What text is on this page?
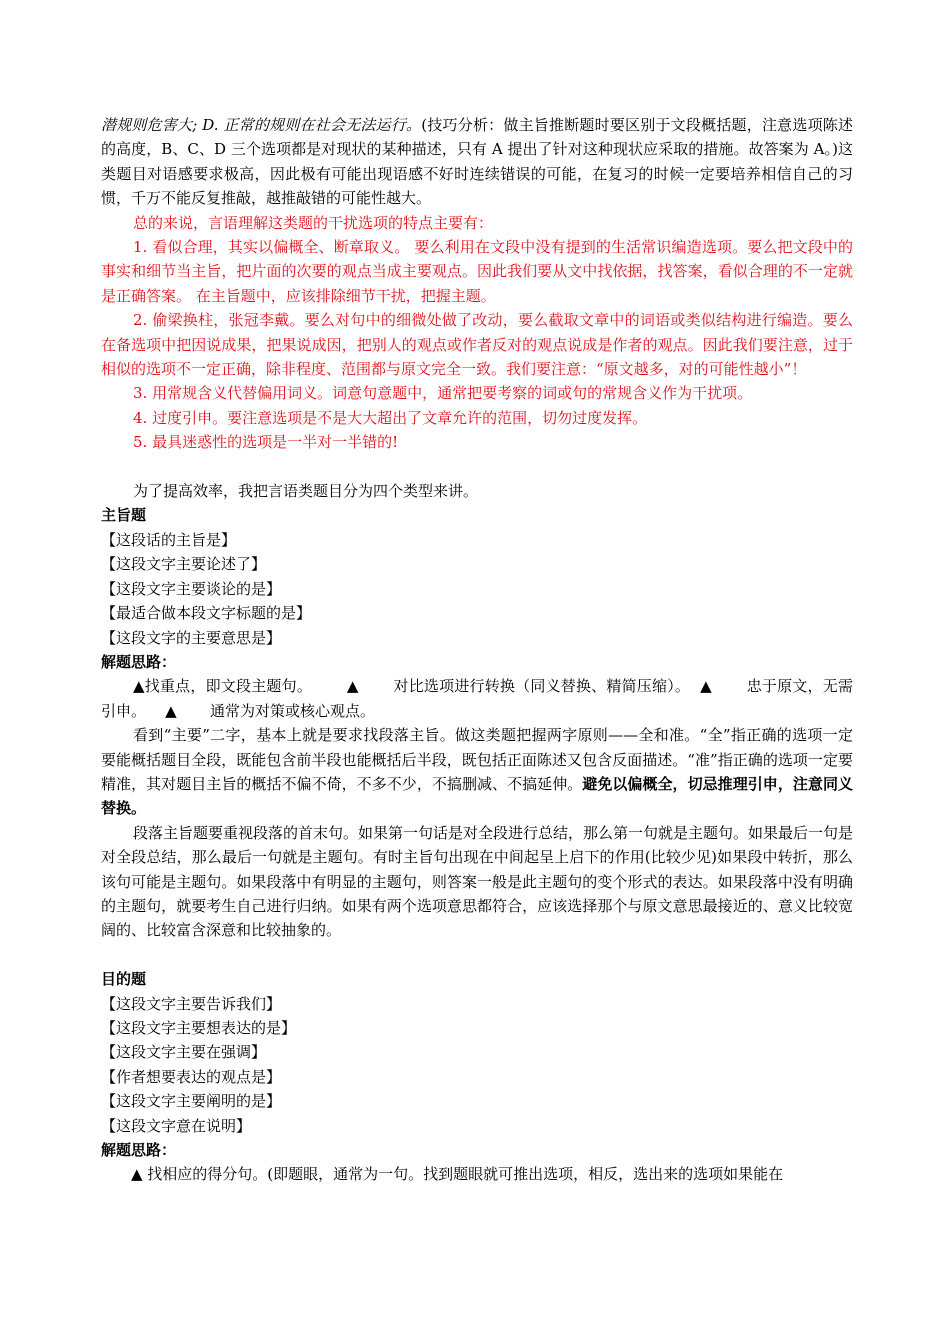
潜规则危害大; D. 正常的规则在社会无法运行。(技巧分析：做主旨推断题时要区别于文段概括题，注意选项陈述的高度，B、C、D 三个选项都是对现状的某种描述，只有 A 提出了针对这种现状应采取的措施。故答案为 A。)这类题目对语感要求极高，因此极有可能出现语感不好时连续错误的可能，在复习的时候一定要培养相信自己的习惯，千万不能反复推敲，越推敲错的可能性越大。

总的来说，言语理解这类题的干扰选项的特点主要有：

1. 看似合理，其实以偏概全、断章取义。 要么利用在文段中没有提到的生活常识编造选项。要么把文段中的事实和细节当主旨，把片面的次要的观点当成主要观点。因此我们要从文中找依据，找答案，看似合理的不一定就是正确答案。 在主旨题中，应该排除细节干扰，把握主题。

2. 偷梁换柱，张冠李戴。要么对句中的细微处做了改动，要么截取文章中的词语或类似结构进行编造。要么在备选项中把因说成果，把果说成因，把别人的观点或作者反对的观点说成是作者的观点。因此我们要注意，过于相似的选项不一定正确，除非程度、范围都与原文完全一致。我们要注意：“原文越多，对的可能性越小”！

3. 用常规含义代替偏用词义。词意句意题中，通常把要考察的词或句的常规含义作为干扰项。

4. 过度引申。要注意选项是不是大大超出了文章允许的范围，切勿过度发挥。

5. 最具迷惑性的选项是一半对一半错的!

为了提高效率，我把言语类题目分为四个类型来讲。

主旨题

【这段话的主旨是】

【这段文字主要论述了】

【这段文字主要谈论的是】

【最适合做本段文字标题的是】

【这段文字的主要意思是】

解题思路：

▲找重点，即文段主题句。 ▲ 对比选项进行转换（同义替换、精简压缩）。 ▲ 忠于原文，无需引申。 ▲ 通常为对策或核心观点。

看到“主要”二字，基本上就是要求找段落主旨。做这类题把握两字原则——全和准。“全”指正确的选项一定要能概括题目全段，既能包含前半段也能概括后半段，既包括正面陈述又包含反面描述。“准”指正确的选项一定要精准，其对题目主旨的概括不偏不倚，不多不少，不搞删减、不搞延伸。避免以偏概全，切忌推理引申，注意同义替换。

段落主旨题要重视段落的首末句。如果第一句话是对全段进行总结，那么第一句就是主题句。如果最后一句是对全段总结，那么最后一句就是主题句。有时主旨句出现在中间起呈上启下的作用(比较少见)如果段中转折，那么该句可能是主题句。如果段落中有明显的主题句，则答案一般是此主题句的变个形式的表达。如果段落中没有明确的主题句，就要考生自己进行归纳。如果有两个选项意思都符合，应该选择那个与原文意思最接近的、意义比较宽阔的、比较富含深意和比较抽象的。

目的题

【这段文字主要告诉我们】

【这段文字主要想表达的是】

【这段文字主要在强调】

【作者想要表达的观点是】

【这段文字主要阐明的是】

【这段文字意在说明】

解题思路：

▲ 找相应的得分句。(即题眼，通常为一句。找到题眼就可推出选项，相反，选出来的选项如果能在
